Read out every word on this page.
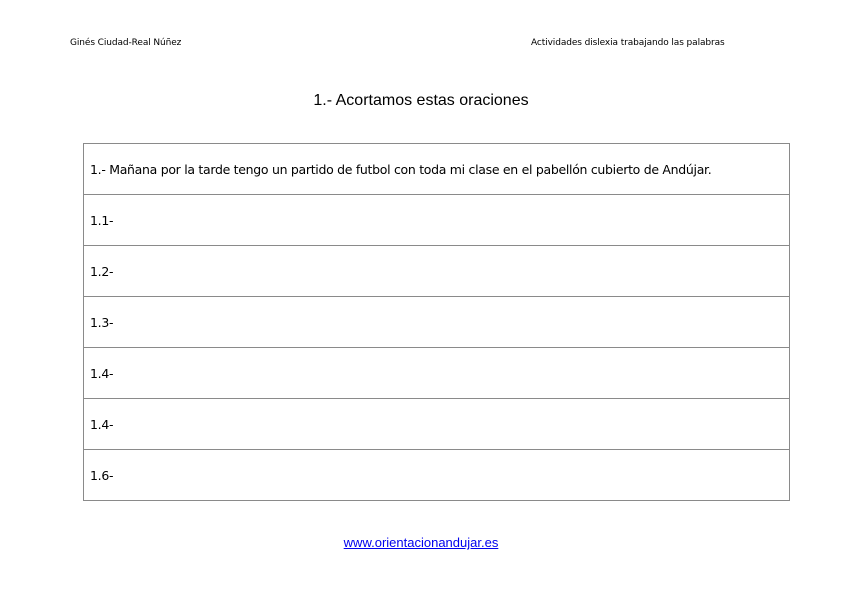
Ginés Ciudad-Real Núñez	Actividades dislexia trabajando las palabras
1.- Acortamos estas oraciones
1.- Mañana por la tarde tengo un partido de futbol con toda mi clase en el pabellón cubierto de Andújar.
1.1-
1.2-
1.3-
1.4-
1.4-
1.6-
www.orientacionandujar.es
